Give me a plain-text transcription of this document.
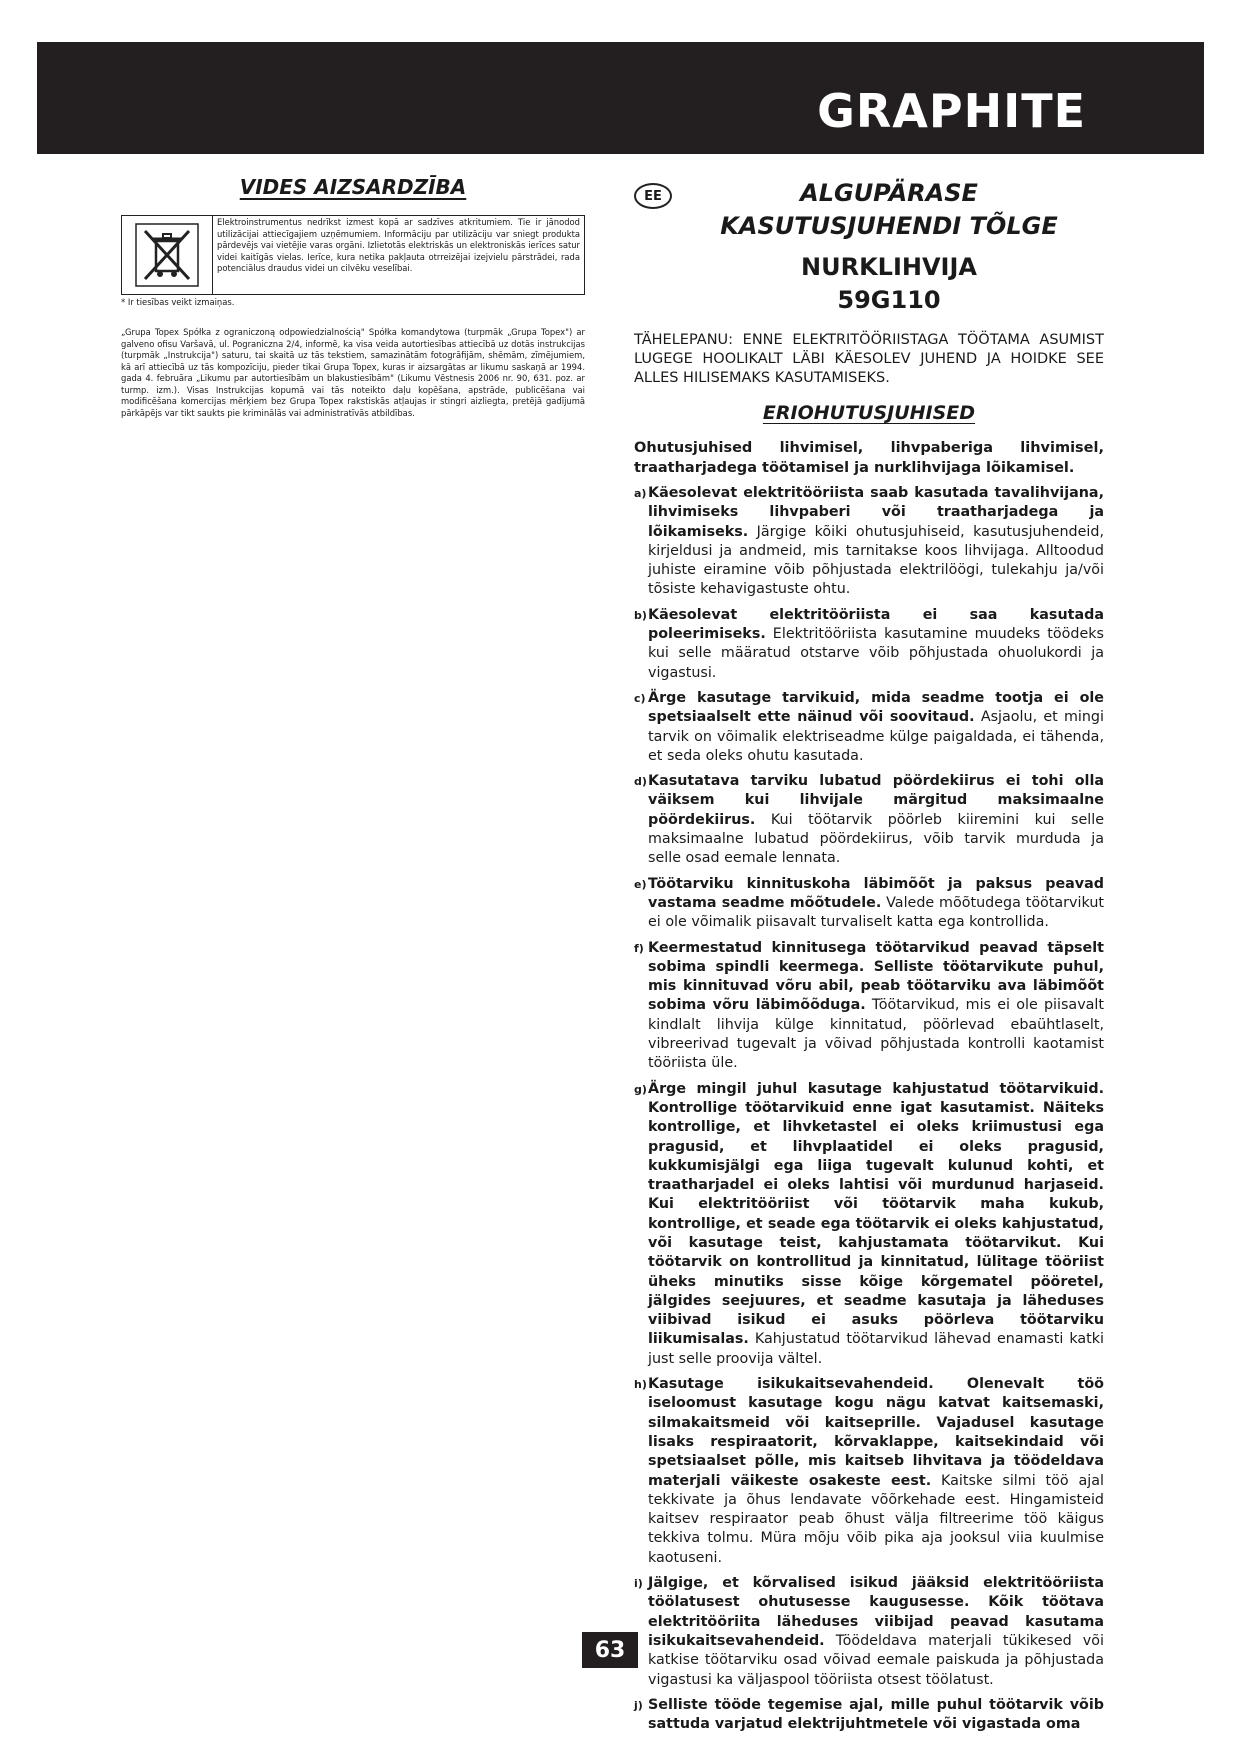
GRAPHITE
VIDES AIZSARDZĪBA
Elektroinstrumentus nedrīkst izmest kopā ar sadzīves atkritumiem. Tie ir jānodod utilizācijai attiecīgajiem uzņēmumiem. Informāciju par utilizāciju var sniegt produkta pārdevējs vai vietējie varas orgāni. Izlietotās elektriskās un elektroniskās ierīces satur videi kaitīgās vielas. Ierīce, kura netika pakļauta otrreizējai izejvielu pārstrādei, rada potenciālus draudus videi un cilvēku veselībai.
* Ir tiesības veikt izmaiņas.
„Grupa Topex Spółka z ograniczoną odpowiedzialnością" Spółka komandytowa (turpmāk „Grupa Topex") ar galveno ofisu Varšavā, ul. Pograniczna 2/4, informē, ka visa veida autortiesības attiecībā uz dotās instrukcijas (turpmāk „Instrukcija") saturu, tai skaitā uz tās tekstiem, samazinātām fotogrāfijām, shēmām, zīmējumiem, kā arī attiecībā uz tās kompozīciju, pieder tikai Grupa Topex, kuras ir aizsargātas ar likumu saskaņā ar 1994. gada 4. februāra „Likumu par autortiesībām un blakustiesībām" (Likumu Vēstnesis 2006 nr. 90, 631. poz. ar turmp. izm.). Visas Instrukcijas kopumā vai tās noteikto daļu kopēšana, apstrāde, publicēšana vai modificēšana komercijas mērķiem bez Grupa Topex rakstiskās atļaujas ir stingri aizliegta, pretējā gadījumā pārkāpējs var tikt saukts pie kriminālās vai administratīvās atbildības.
EE	ALGUPÄRASE
KASUTUSJUHENDI TÕLGE
NURKLIHVIJA
59G110
TÄHELEPANU: ENNE ELEKTRITÖÖRIISTAGA TÖÖTAMA ASUMIST LUGEGE HOOLIKALT LÄBI KÄESOLEV JUHEND JA HOIDKE SEE ALLES HILISEMAKS KASUTAMISEKS.
ERIOHUTUSJUHISED
Ohutusjuhised lihvimisel, lihvpaberiga lihvimisel, traatharjadega töötamisel ja nurklihvijaga lõikamisel.
a) Käesolevat elektritööriista saab kasutada tavalihvijana, lihvimiseks lihvpaberi või traatharjadega ja lõikamiseks. Järgige kõiki ohutusjuhiseid, kasutusjuhendeid, kirjeldusi ja andmeid, mis tarnitakse koos lihvijaga. Alltoodud juhiste eiramine võib põhjustada elektrilöögi, tulekahju ja/või tõsiste kehavigastuste ohtu.
b) Käesolevat elektritööriista ei saa kasutada poleerimiseks. Elektritööriista kasutamine muudeks töödeks kui selle määratud otstarve võib põhjustada ohuolukordi ja vigastusi.
c) Ärge kasutage tarvikuid, mida seadme tootja ei ole spetsiaalselt ette näinud või soovitaud. Asjaolu, et mingi tarvik on võimalik elektriseadme külge paigaldada, ei tähenda, et seda oleks ohutu kasutada.
d) Kasutatava tarviku lubatud pöördekiirus ei tohi olla väiksem kui lihvijale märgitud maksimaalne pöördekiirus. Kui töötarvik pöörleb kiiremini kui selle maksimaalne lubatud pöördekiirus, võib tarvik murduda ja selle osad eemale lennata.
e) Töötarviku kinnituskoha läbimõõt ja paksus peavad vastama seadme mõõtudele. Valede mõõtudega töötarvikut ei ole võimalik piisavalt turvaliselt katta ega kontrollida.
f) Keermestatud kinnitusega töötarvikud peavad täpselt sobima spindli keermega. Selliste töötarvikute puhul, mis kinnituvad võru abil, peab töötarviku ava läbimõõt sobima võru läbimõõduga. Töötarvikud, mis ei ole piisavalt kindlalt lihvija külge kinnitatud, pöörlevad ebaühtlaselt, vibreerivad tugevalt ja võivad põhjustada kontrolli kaotamist tööriista üle.
g) Ärge mingil juhul kasutage kahjustatud töötarvikuid. Kontrollige töötarvikuid enne igat kasutamist. Näiteks kontrollige, et lihvketastel ei oleks kriimustusi ega pragusid, et lihvplaatidel ei oleks pragusid, kukkumisjälgi ega liiga tugevalt kulunud kohti, et traatharjadel ei oleks lahtisi või murdunud harjaseid. Kui elektritööriist või töötarvik maha kukub, kontrollige, et seade ega töötarvik ei oleks kahjustatud, või kasutage teist, kahjustamata töötarvikut. Kui töötarvik on kontrollitud ja kinnitatud, lülitage tööriist üheks minutiks sisse kõige kõrgematel pööretel, jälgides seejuures, et seadme kasutaja ja läheduses viibivad isikud ei asuks pöörleva töötarviku liikumisalas. Kahjustatud töötarvikud lähevad enamasti katki just selle proovija vältel.
h) Kasutage isikukaitsevahendeid. Olenevalt töö iseloomust kasutage kogu nägu katvat kaitsemaski, silmakaitsmeid või kaitseprille. Vajadusel kasutage lisaks respiraatorit, kõrvaklappe, kaitsekindaid või spetsiaalset põlle, mis kaitseb lihvitava ja töödeldava materjali väikeste osakeste eest. Kaitske silmi töö ajal tekkivate ja õhus lendavate võõrkehade eest. Hingamisteid kaitsev respiraator peab õhust välja filtreerime töö käigus tekkiva tolmu. Müra mõju võib pika aja jooksul viia kuulmise kaotuseni.
i) Jälgige, et kõrvalised isikud jääksid elektritööriista töölatusest ohutusesse kaugusesse. Kõik töötava elektritööriita läheduses viibijad peavad kasutama isikukaitsevahendeid. Töödeldava materjali tükikesed või katkise töötarviku osad võivad eemale paiskuda ja põhjustada vigastusi ka väljaspool tööriista otsest töölatust.
j) Selliste tööde tegemise ajal, mille puhul töötarvik võib sattuda varjatud elektrijuhtmetele või vigastada oma
63
